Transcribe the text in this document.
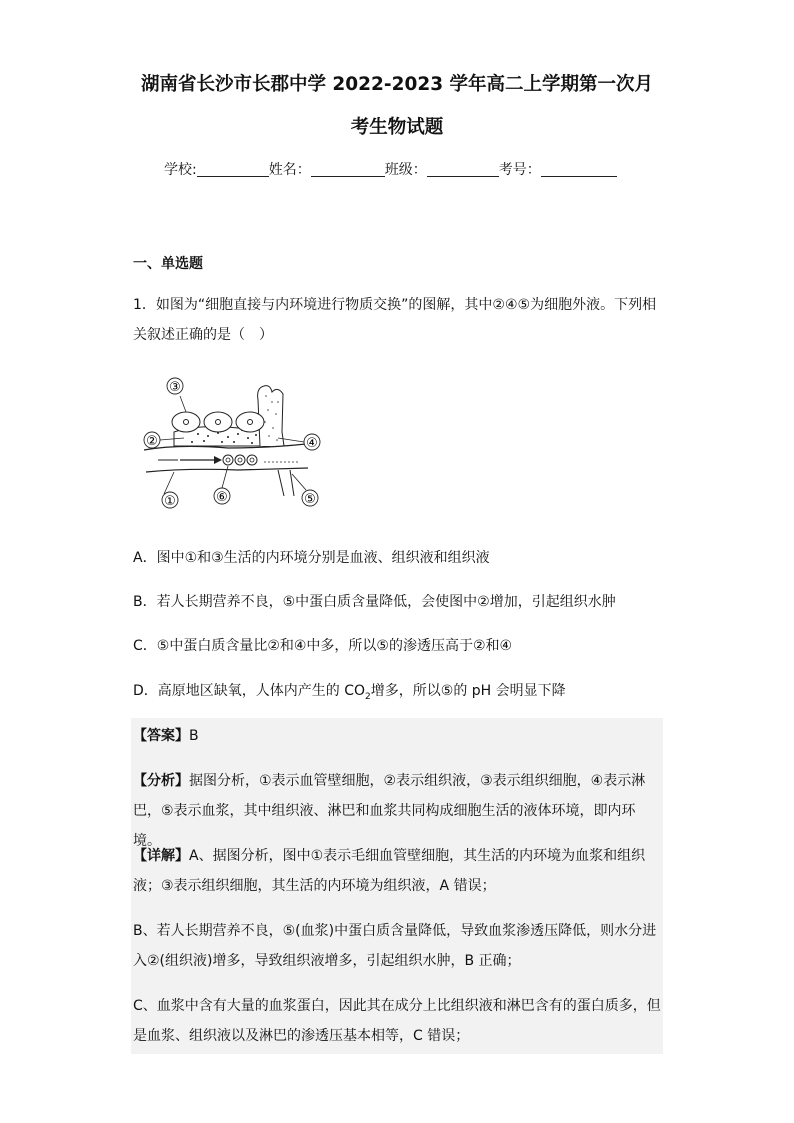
湖南省长沙市长郡中学 2022-2023 学年高二上学期第一次月
考生物试题
学校:	姓名：	班级：	考号：
一、单选题
1．如图为“细胞直接与内环境进行物质交换”的图解，其中②④⑤为细胞外液。下列相关叙述正确的是（　）
③
②	④
①	⑥	⑤
A．图中①和③生活的内环境分别是血液、组织液和组织液
B．若人长期营养不良，⑤中蛋白质含量降低，会使图中②增加，引起组织水肿
C．⑤中蛋白质含量比②和④中多，所以⑤的渗透压高于②和④
D．高原地区缺氧，人体内产生的 $CO_2$增多，所以⑤的 pH 会明显下降
【答案】B
【分析】据图分析，①表示血管壁细胞，②表示组织液，③表示组织细胞，④表示淋巴，⑤表示血浆，其中组织液、淋巴和血浆共同构成细胞生活的液体环境，即内环境。
【详解】A、据图分析，图中①表示毛细血管壁细胞，其生活的内环境为血浆和组织液；③表示组织细胞，其生活的内环境为组织液，A 错误；
B、若人长期营养不良，⑤(血浆)中蛋白质含量降低，导致血浆渗透压降低，则水分进入②(组织液)增多，导致组织液增多，引起组织水肿，B 正确；
C、血浆中含有大量的血浆蛋白，因此其在成分上比组织液和淋巴含有的蛋白质多，但是血浆、组织液以及淋巴的渗透压基本相等，C 错误；
